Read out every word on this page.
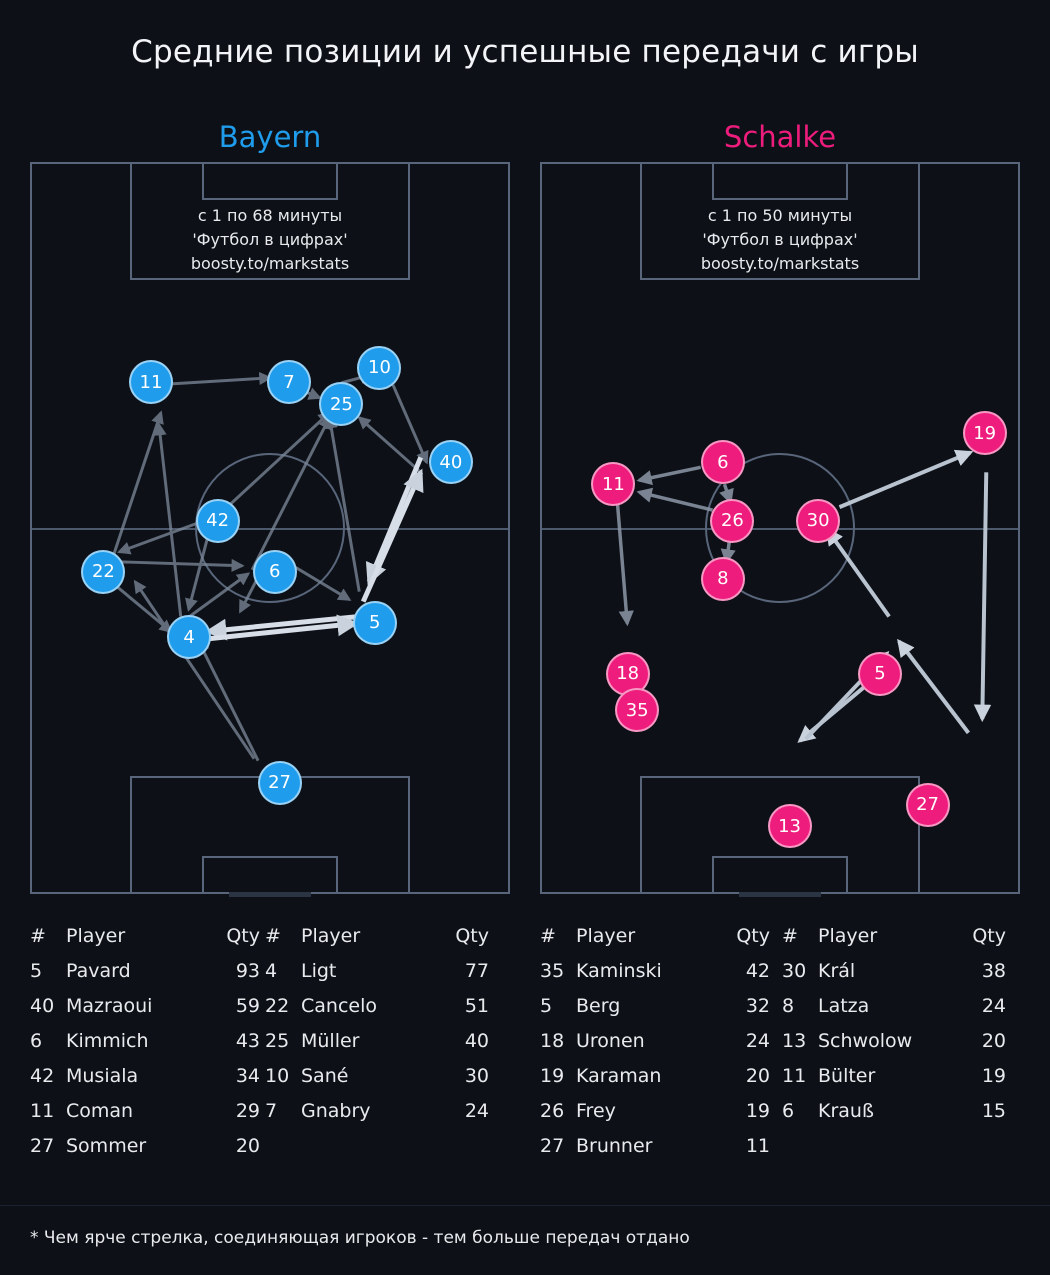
Средние позиции и успешные передачи с игры
Bayern	Schalke
с 1 по 68 минуты
'Футбол в цифрах'
boosty.to/markstats
11	7
10
25
40
42
22	6
5
4
27
с 1 по 50 минуты
'Футбол в цифрах'
boosty.to/markstats
11
6
26	30
19
8
18
35
5
13
27
#	Player	Qty
5	Pavard	93
40	Mazraoui	59
6	Kimmich	43
42	Musiala	34
11	Coman	29
27	Sommer	20
#	Player	Qty
4	Ligt	77
22	Cancelo	51
25	Müller	40
10	Sané	30
7	Gnabry	24
#	Player	Qty
35	Kaminski	42
5	Berg	32
18	Uronen	24
19	Karaman	20
26	Frey	19
27	Brunner	11
#	Player	Qty
30	Král	38
8	Latza	24
13	Schwolow	20
11	Bülter	19
6	Krauß	15
* Чем ярче стрелка, соединяющая игроков - тем больше передач отдано
